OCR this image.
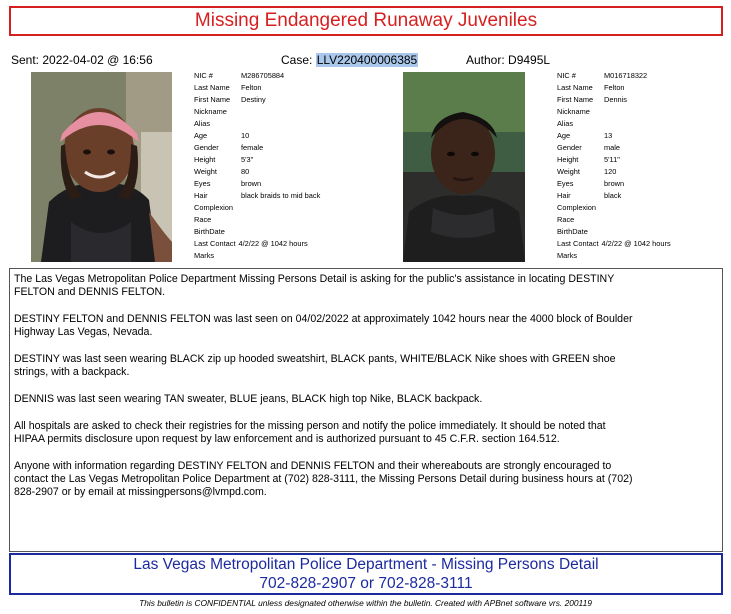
Missing Endangered Runaway Juveniles
Sent: 2022-04-02 @ 16:56	Case: LLV220400006385	Author: D9495L
NIC #	M286705884
Last Name	Felton
First Name	Destiny
Nickname
Alias
Age	10
Gender	female
Height	5'3"
Weight	80
Eyes	brown
Hair	black braids to mid back
Complexion
Race
BirthDate
Last Contact 4/2/22 @ 1042 hours
Marks
NIC #	M016718322
Last Name	Felton
First Name	Dennis
Nickname
Alias
Age	13
Gender	male
Height	5'11"
Weight	120
Eyes	brown
Hair	black
Complexion
Race
BirthDate
Last Contact 4/2/22 @ 1042 hours
Marks

The Las Vegas Metropolitan Police Department Missing Persons Detail is asking for the public's assistance in locating DESTINY
FELTON and DENNIS FELTON.

DESTINY FELTON and DENNIS FELTON was last seen on 04/02/2022 at approximately 1042 hours near the 4000 block of Boulder
Highway Las Vegas, Nevada.

DESTINY was last seen wearing BLACK zip up hooded sweatshirt, BLACK pants, WHITE/BLACK Nike shoes with GREEN shoe
strings, with a backpack.

DENNIS was last seen wearing TAN sweater, BLUE jeans, BLACK high top Nike, BLACK backpack.

All hospitals are asked to check their registries for the missing person and notify the police immediately. It should be noted that
HIPAA permits disclosure upon request by law enforcement and is authorized pursuant to 45 C.F.R. section 164.512.

Anyone with information regarding DESTINY FELTON and DENNIS FELTON and their whereabouts are strongly encouraged to
contact the Las Vegas Metropolitan Police Department at (702) 828-3111, the Missing Persons Detail during business hours at (702)
828-2907 or by email at missingpersons@lvmpd.com.

Las Vegas Metropolitan Police Department - Missing Persons Detail
702-828-2907 or 702-828-3111
This bulletin is CONFIDENTIAL unless designated otherwise within the bulletin. Created with APBnet software vrs. 200119
